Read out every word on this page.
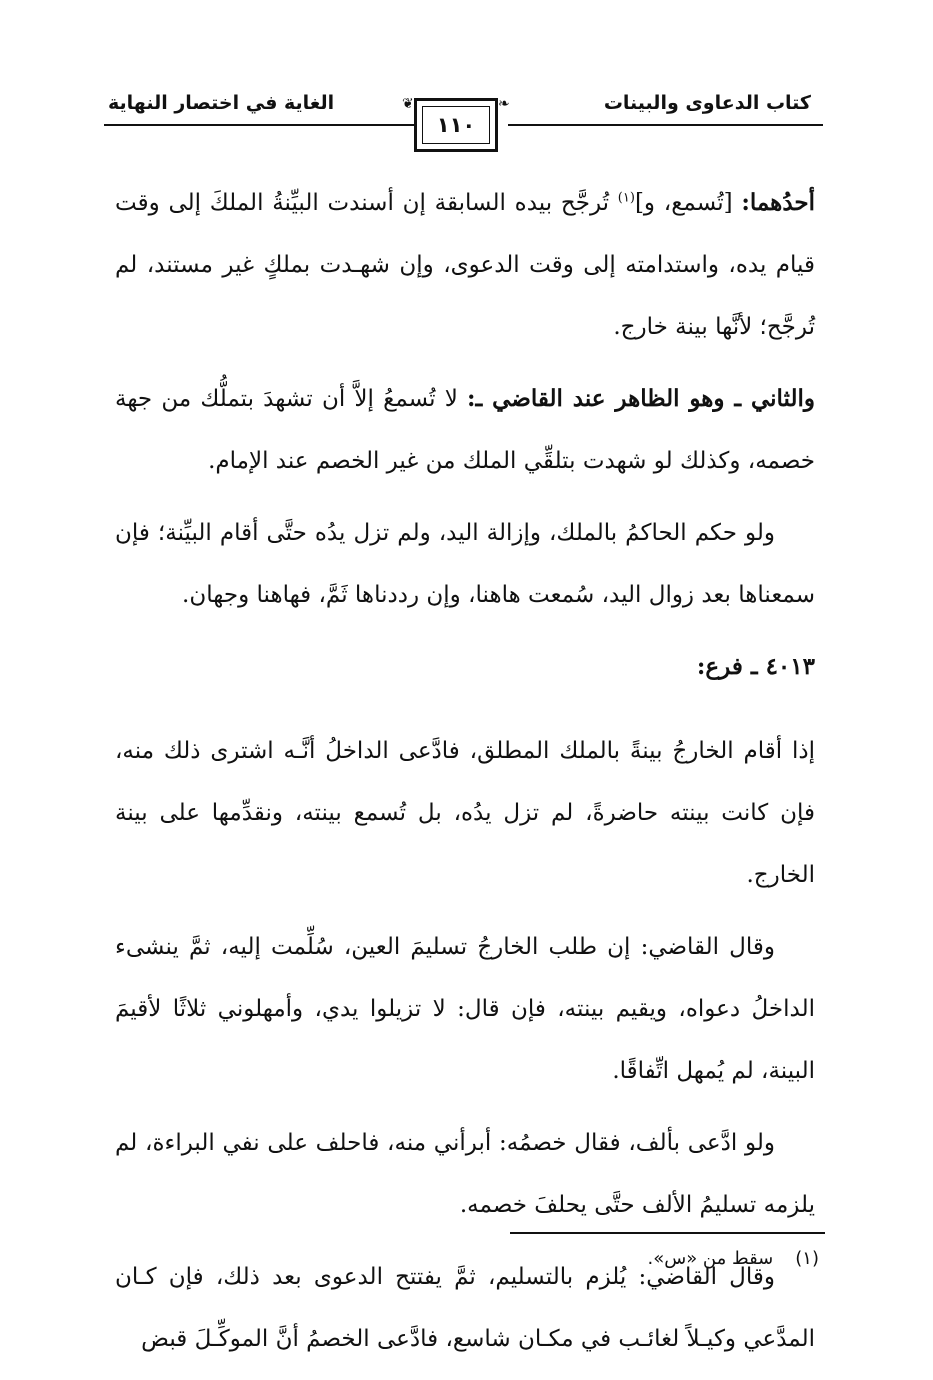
كتاب الدعاوى والبينات
الغاية في اختصار النهاية	❦	❧
١١٠

أحدُهما: [تُسمع، و]$^{(١)}$ تُرجَّح بيده السابقة إن أسندت البيِّنةُ الملكَ إلى وقت قيام يده، واستدامته إلى وقت الدعوى، وإن شهـدت بملكٍ غير مستند، لم تُرجَّح؛ لأنَّها بينة خارج.

والثاني ـ وهو الظاهر عند القاضي ـ: لا تُسمعُ إلاَّ أن تشهدَ بتملُّك من جهة خصمه، وكذلك لو شهدت بتلقِّي الملك من غير الخصم عند الإمام.

ولو حكم الحاكمُ بالملك، وإزالة اليد، ولم تزل يدُه حتَّى أقام البيِّنة؛ فإن سمعناها بعد زوال اليد، سُمعت هاهنا، وإن رددناها ثَمَّ، فهاهنا وجهان.

٤٠١٣ ـ فرع:

إذا أقام الخارجُ بينةً بالملك المطلق، فادَّعى الداخلُ أنَّـه اشترى ذلك منه، فإن كانت بينته حاضرةً، لم تزل يدُه، بل تُسمع بينته، ونقدِّمها على بينة الخارج.

وقال القاضي: إن طلب الخارجُ تسليمَ العين، سُلِّمت إليه، ثمَّ ينشىء الداخلُ دعواه، ويقيم بينته، فإن قال: لا تزيلوا يدي، وأمهلوني ثلاثًا لأقيمَ البينة، لم يُمهل اتِّفاقًا.

ولو ادَّعى بألف، فقال خصمُه: أبرأني منه، فاحلف على نفي البراءة، لم يلزمه تسليمُ الألف حتَّى يحلفَ خصمه.

وقال القاضي: يُلزم بالتسليم، ثمَّ يفتتح الدعوى بعد ذلك، فإن كـان المدَّعي وكيـلاً لغائـب في مكـان شاسع، فادَّعى الخصمُ أنَّ الموكِّـلَ قبض

(١)سقط من «س».
